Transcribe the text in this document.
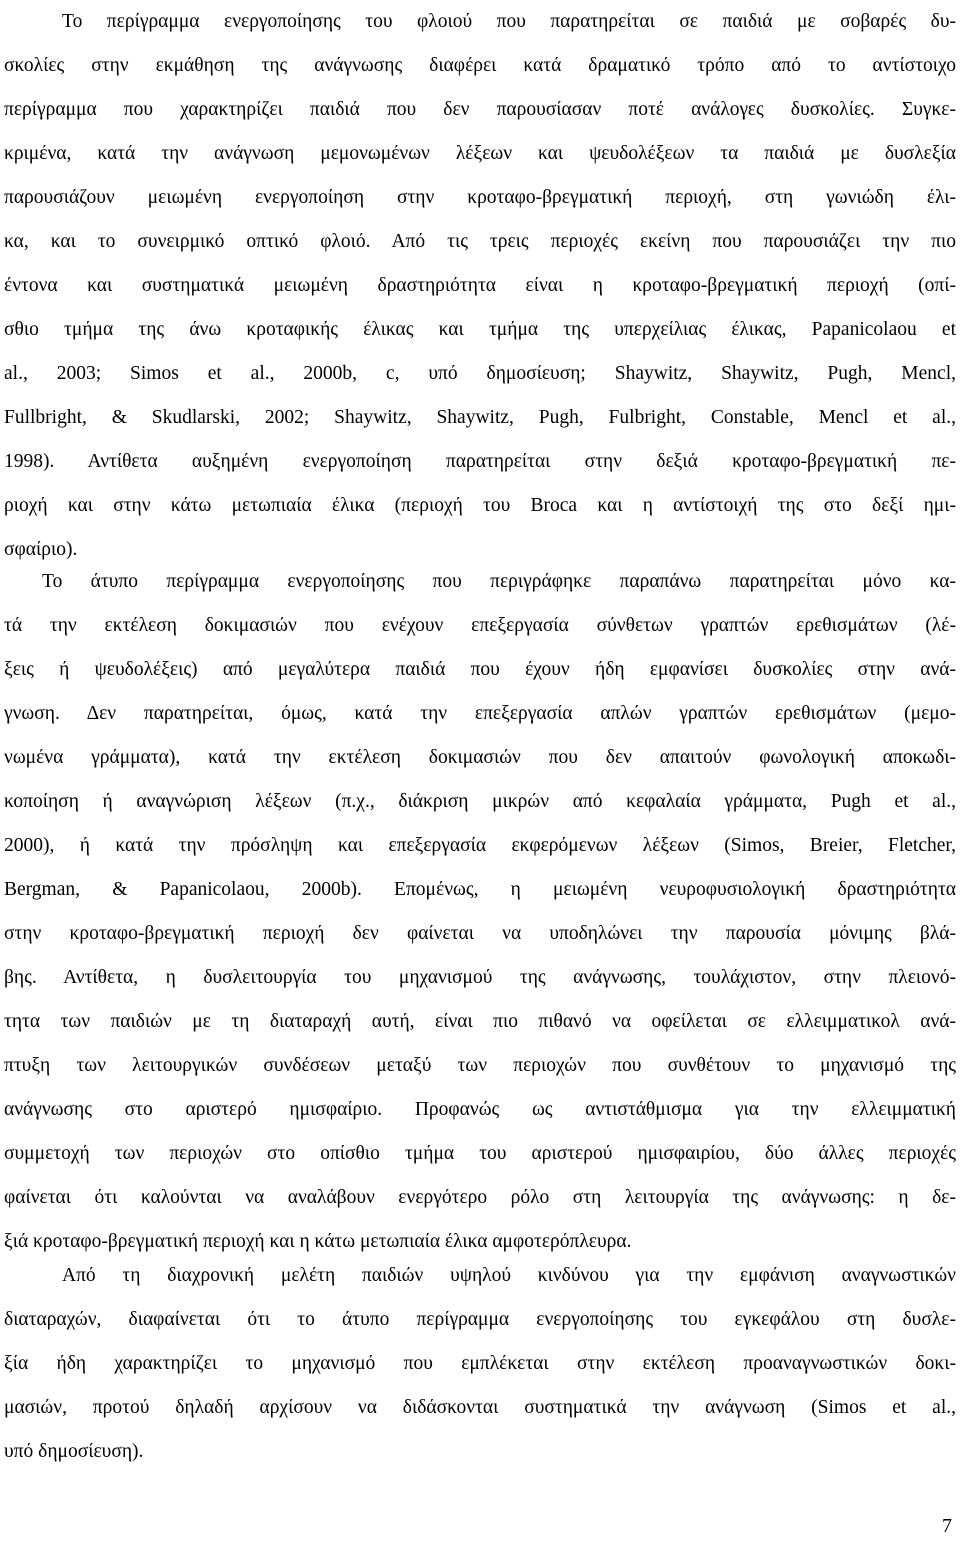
Το περίγραμμα ενεργοποίησης του φλοιού που παρατηρείται σε παιδιά με σοβαρές δυ-
σκολίες στην εκμάθηση της ανάγνωσης διαφέρει κατά δραματικό τρόπο από το αντίστοιχο
περίγραμμα που χαρακτηρίζει παιδιά που δεν παρουσίασαν ποτέ ανάλογες δυσκολίες. Συγκε-
κριμένα, κατά την ανάγνωση μεμονωμένων λέξεων και ψευδολέξεων τα παιδιά με δυσλεξία
παρουσιάζουν μειωμένη ενεργοποίηση στην κροταφο-βρεγματική περιοχή, στη γωνιώδη έλι-
κα, και το συνειρμικό οπτικό φλοιό. Από τις τρεις περιοχές εκείνη που παρουσιάζει την πιο
έντονα και συστηματικά μειωμένη δραστηριότητα είναι η κροταφο-βρεγματική περιοχή (οπί-
σθιο τμήμα της άνω κροταφικής έλικας και τμήμα της υπερχείλιας έλικας, Papanicolaou et
al., 2003; Simos et al., 2000b, c, υπό δημοσίευση; Shaywitz, Shaywitz, Pugh, Mencl,
Fullbright, & Skudlarski, 2002; Shaywitz, Shaywitz, Pugh, Fulbright, Constable, Mencl et al.,
1998). Αντίθετα αυξημένη ενεργοποίηση παρατηρείται στην δεξιά κροταφο-βρεγματική πε-
ριοχή και στην κάτω μετωπιαία έλικα (περιοχή του Broca και η αντίστοιχή της στο δεξί ημι-
σφαίριο).
Το άτυπο περίγραμμα ενεργοποίησης που περιγράφηκε παραπάνω παρατηρείται μόνο κα-
τά την εκτέλεση δοκιμασιών που ενέχουν επεξεργασία σύνθετων γραπτών ερεθισμάτων (λέ-
ξεις ή ψευδολέξεις) από μεγαλύτερα παιδιά που έχουν ήδη εμφανίσει δυσκολίες στην ανά-
γνωση. Δεν παρατηρείται, όμως, κατά την επεξεργασία απλών γραπτών ερεθισμάτων (μεμο-
νωμένα γράμματα), κατά την εκτέλεση δοκιμασιών που δεν απαιτούν φωνολογική αποκωδι-
κοποίηση ή αναγνώριση λέξεων (π.χ., διάκριση μικρών από κεφαλαία γράμματα, Pugh et al.,
2000), ή κατά την πρόσληψη και επεξεργασία εκφερόμενων λέξεων (Simos, Breier, Fletcher,
Bergman, & Papanicolaou, 2000b). Επομένως, η μειωμένη νευροφυσιολογική δραστηριότητα
στην κροταφο-βρεγματική περιοχή δεν φαίνεται να υποδηλώνει την παρουσία μόνιμης βλά-
βης. Αντίθετα, η δυσλειτουργία του μηχανισμού της ανάγνωσης, τουλάχιστον, στην πλειονό-
τητα των παιδιών με τη διαταραχή αυτή, είναι πιο πιθανό να οφείλεται σε ελλειμματικολ ανά-
πτυξη των λειτουργικών συνδέσεων μεταξύ των περιοχών που συνθέτουν το μηχανισμό της
ανάγνωσης στο αριστερό ημισφαίριο. Προφανώς ως αντιστάθμισμα για την ελλειμματική
συμμετοχή των περιοχών στο οπίσθιο τμήμα του αριστερού ημισφαιρίου, δύο άλλες περιοχές
φαίνεται ότι καλούνται να αναλάβουν ενεργότερο ρόλο στη λειτουργία της ανάγνωσης: η δε-
ξιά κροταφο-βρεγματική περιοχή και η κάτω μετωπιαία έλικα αμφοτερόπλευρα.
Από τη διαχρονική μελέτη παιδιών υψηλού κινδύνου για την εμφάνιση αναγνωστικών
διαταραχών, διαφαίνεται ότι το άτυπο περίγραμμα ενεργοποίησης του εγκεφάλου στη δυσλε-
ξία ήδη χαρακτηρίζει το μηχανισμό που εμπλέκεται στην εκτέλεση προαναγνωστικών δοκι-
μασιών, προτού δηλαδή αρχίσουν να διδάσκονται συστηματικά την ανάγνωση (Simos et al.,
υπό δημοσίευση).
7
